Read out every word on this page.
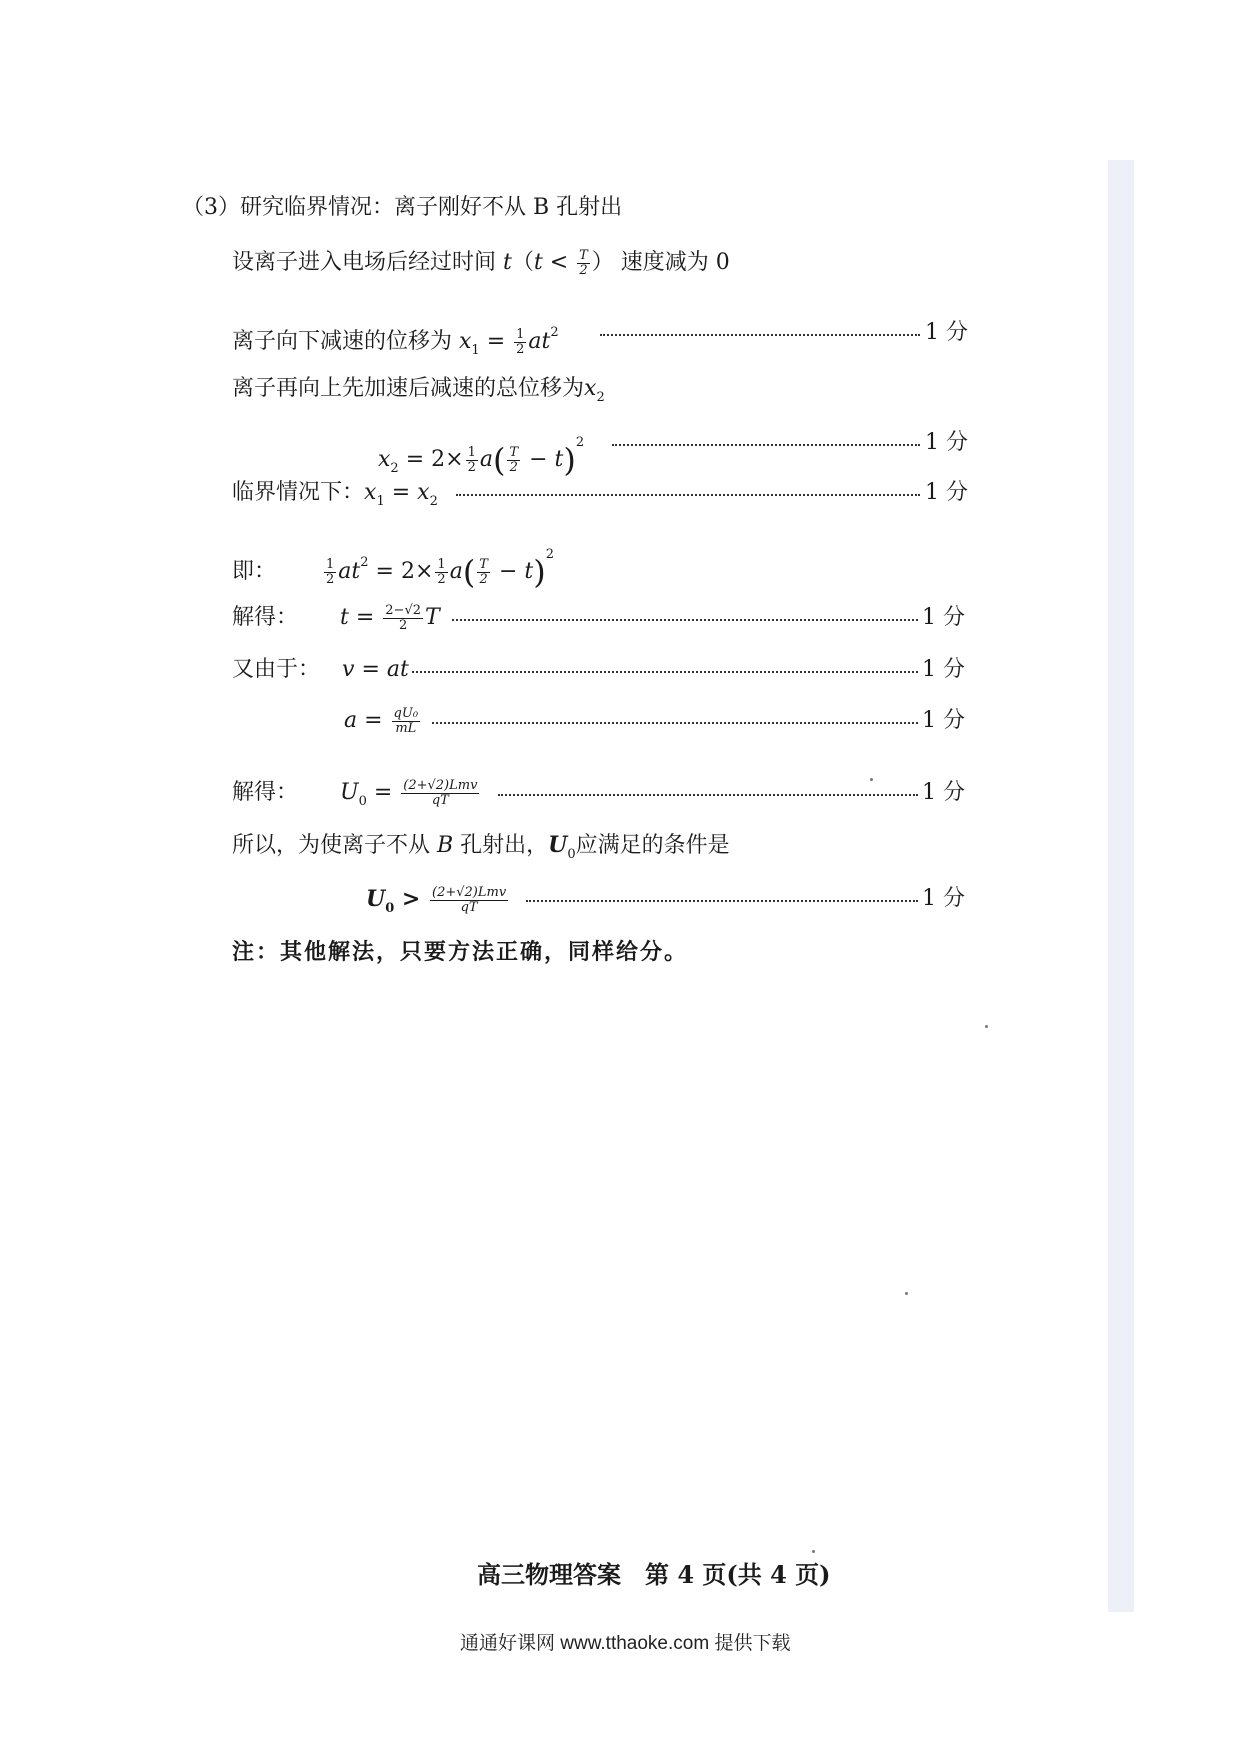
（3）研究临界情况：离子刚好不从 B 孔射出
设离子进入电场后经过时间 $t(t < \frac{T}{2}$ ） 速度减为 0
离子向下减速的位移为 $x_1 = \frac{1}{2} at^2$	1 分
离子再向上先加速后减速的总位移为$x_2$
$x_2 = 2\times \frac{1}{2} a( \frac{T}{2} - t)^2$	1 分
临界情况下：$x_1 = x_2$	1 分
即：	$\frac{1}{2} at^2 = 2\times \frac{1}{2} a( \frac{T}{2} - t)^2$
解得： $t = \frac{2-√2}{2}$ T	1 分
又由于： v = at	1 分
$a = \frac{\text{qU₀}}{mL}$	1 分
解得： $U_0 = \frac{\text{(2+√2)Lmv}}{qT}$	1 分
所以，为使离子不从 B 孔射出，$U_0$应满足的条件是
$U_0 > \frac{\text{(2+√2)Lmv}}{qT}$	1 分
注：其他解法，只要方法正确，同样给分。
高三物理答案　第 4 页(共 4 页)
通通好课网 www.tthaoke.com 提供下载
